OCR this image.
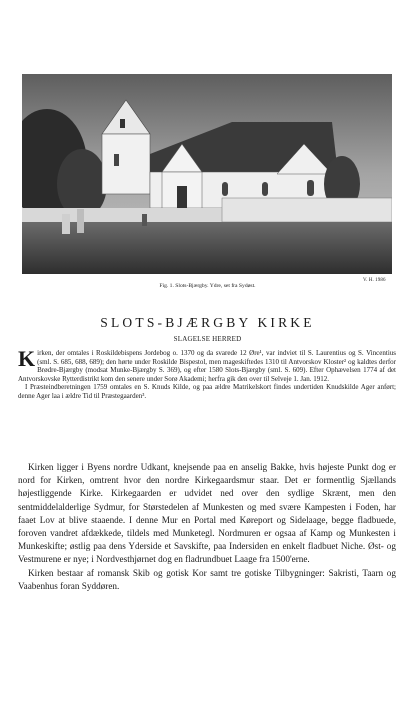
V. H. 1986
Fig. 1. Slots-Bjærgby. Ydre, set fra Sydøst.
SLOTS-BJÆRGBY KIRKE
SLAGELSE HERRED

Kirken, der omtales i Roskildebispens Jordebog o. 1370 og da svarede 12 Øre¹, var indviet til S. Laurentius og S. Vincentius (sml. S. 685, 688, 689); den hørte under Roskilde Bispestol, men mageskiftedes 1310 til Antvorskov Kloster² og kaldtes derfor Brødre-Bjærgby (modsat Munke-Bjærgby S. 369), og efter 1580 Slots-Bjærgby (sml. S. 609). Efter Ophævelsen 1774 af det Antvorskovske Rytterdistrikt kom den senere under Sorø Akademi; herfra gik den over til Selveje 1. Jan. 1912.

I Præsteindberetningen 1759 omtales en S. Knuds Kilde, og paa ældre Matrikelskort findes undertiden Knudskilde Ager anført; denne Ager laa i ældre Tid til Præstegaarden³.

Kirken ligger i Byens nordre Udkant, knejsende paa en anselig Bakke, hvis højeste Punkt dog er nord for Kirken, omtrent hvor den nordre Kirkegaardsmur staar. Det er formentlig Sjællands højestliggende Kirke. Kirkegaarden er udvidet ned over den sydlige Skrænt, men den sentmiddelalderlige Sydmur, for Størstedelen af Munkesten og med svære Kampesten i Foden, har faaet Lov at blive staaende. I denne Mur en Portal med Køreport og Sidelaage, begge fladbuede, foroven vandret afdækkede, tildels med Munketegl. Nordmuren er ogsaa af Kamp og Munkesten i Munkeskifte; østlig paa dens Yderside et Savskifte, paa Indersiden en enkelt fladbuet Niche. Øst- og Vestmurene er nye; i Nordvesthjørnet dog en fladrundbuet Laage fra 1500'erne.

Kirken bestaar af romansk Skib og gotisk Kor samt tre gotiske Tilbygninger: Sakristi, Taarn og Vaabenhus foran Syddøren.
